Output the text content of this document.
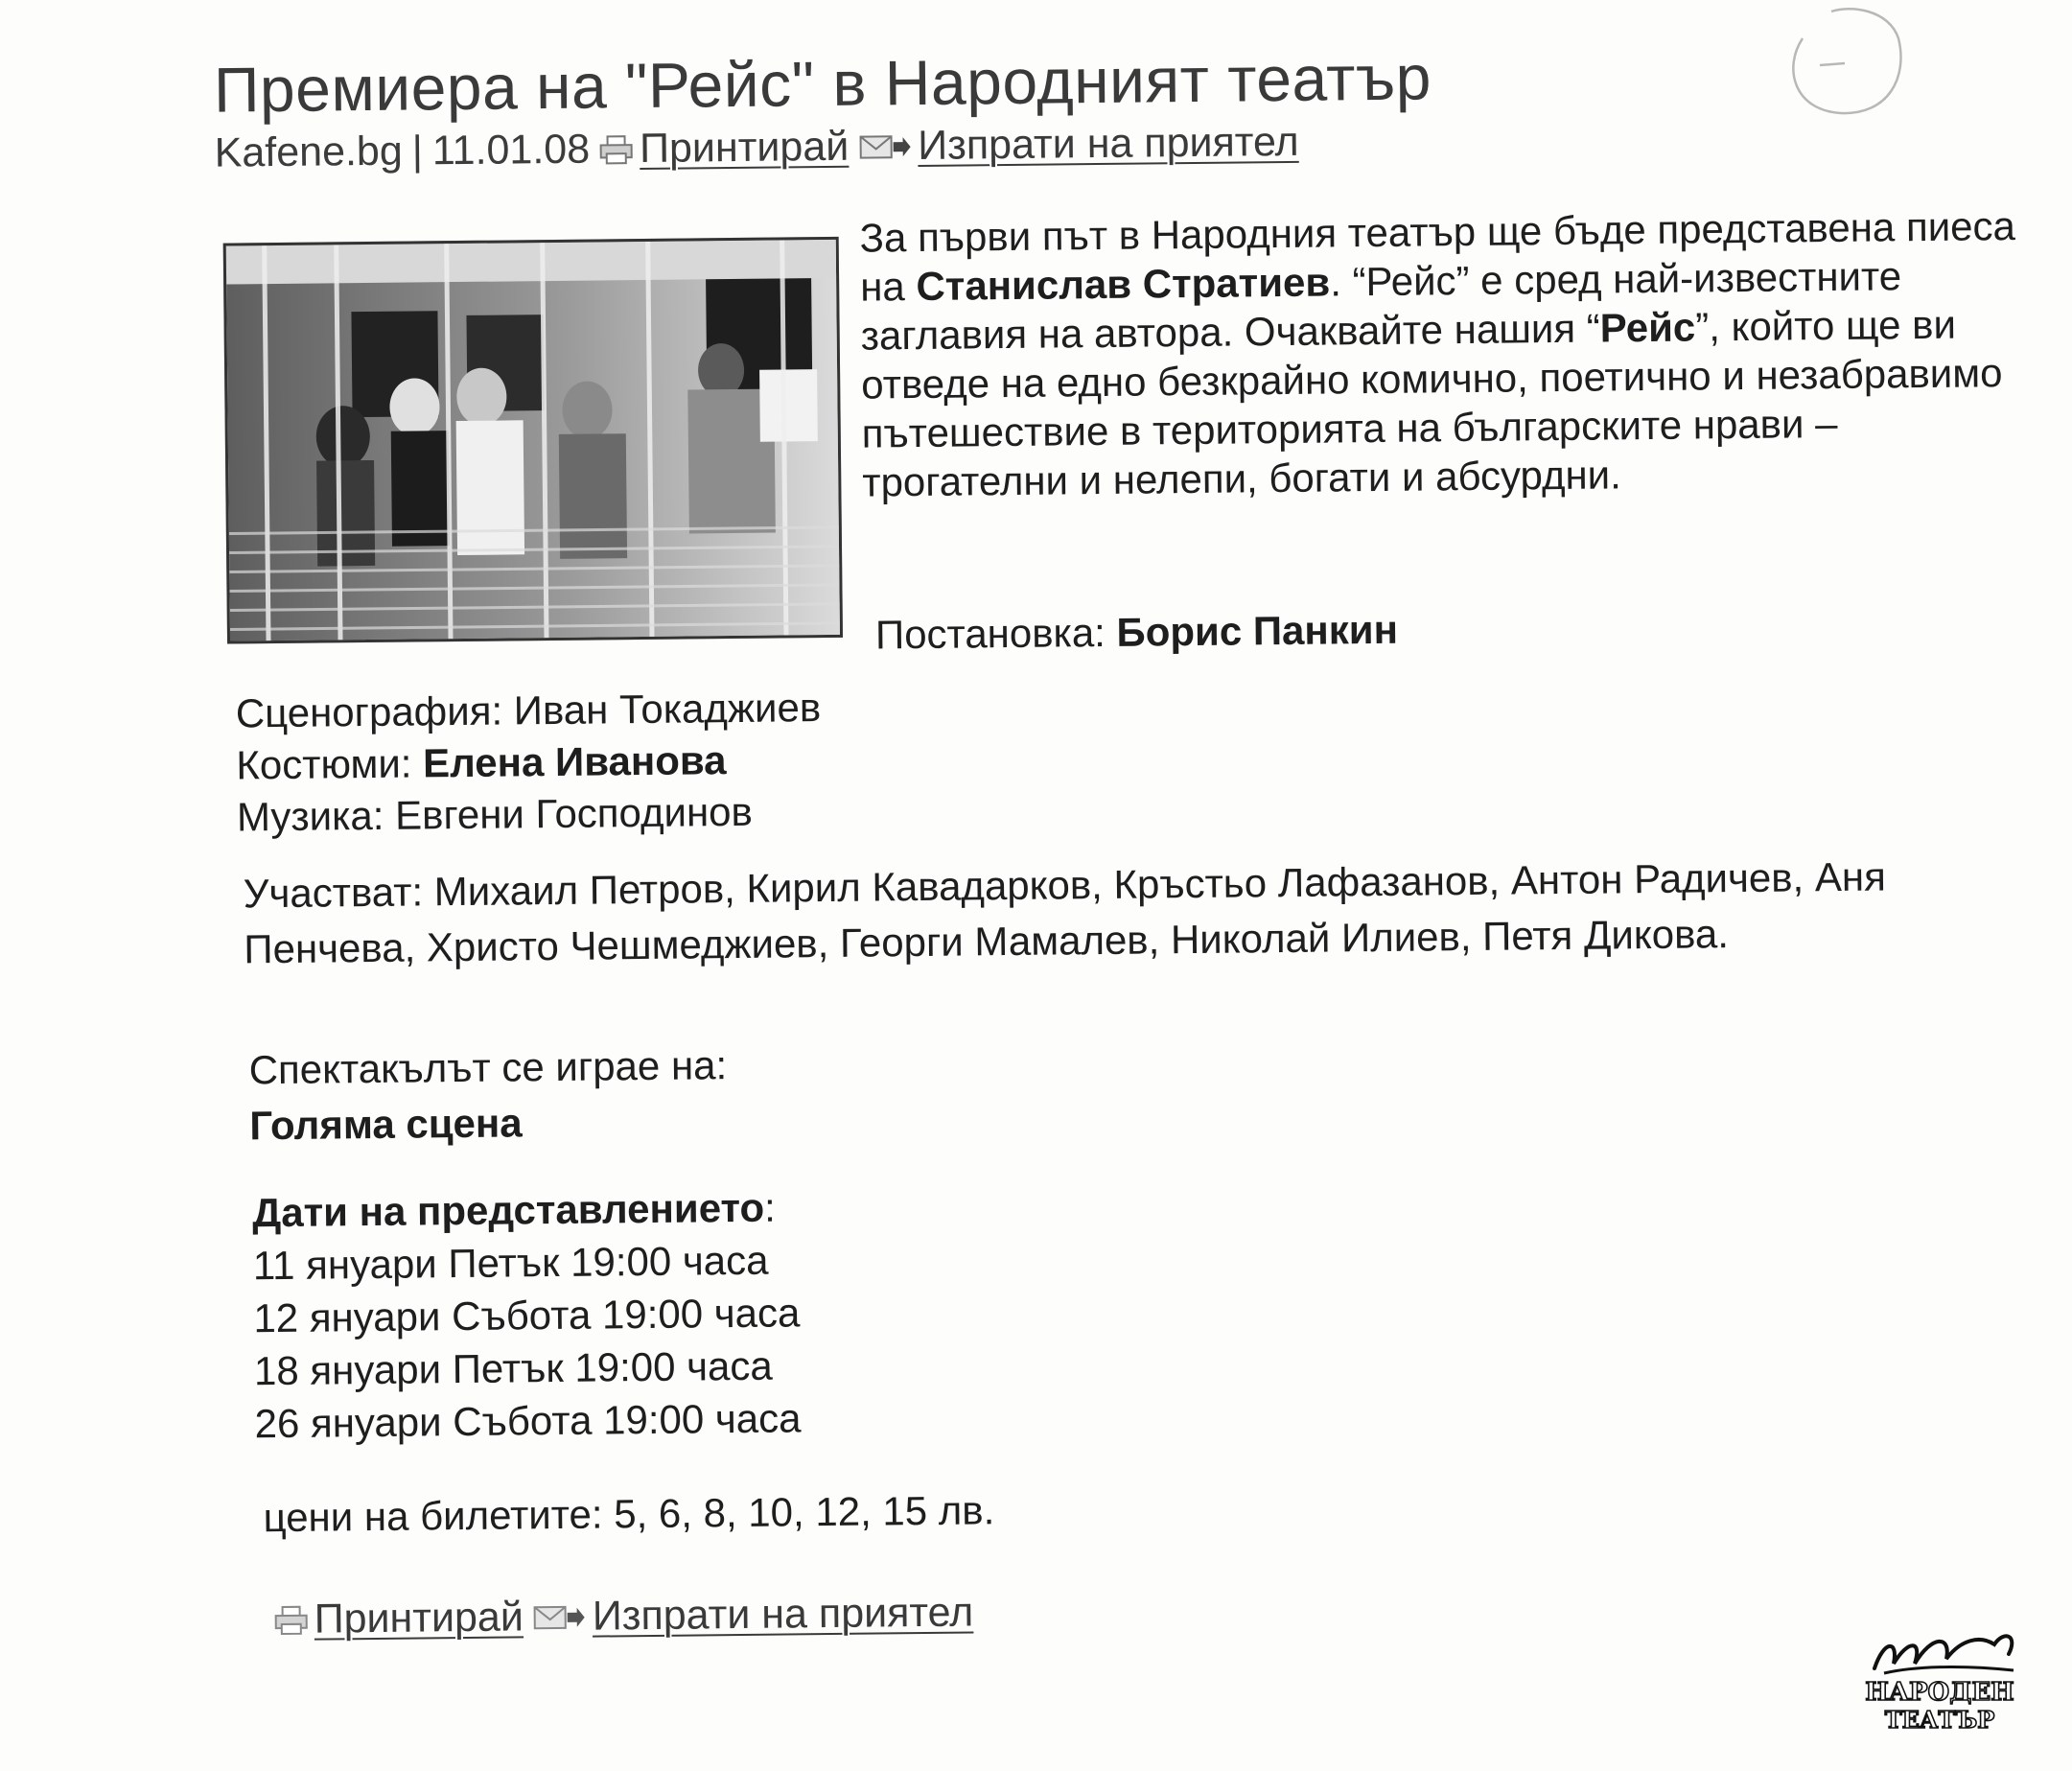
Премиера на "Рейс" в Народният театър
Kafene.bg | 11.01.08 Принтирай Изпрати на приятел
За първи път в Народния театър ще бъде представена пиеса на Станислав Стратиев. “Рейс” е сред най-известните заглавия на автора. Очаквайте нашия “Рейс”, който ще ви отведе на едно безкрайно комично, поетично и незабравимо пътешествие в територията на българските нрави – трогателни и нелепи, богати и абсурдни.
Постановка: Борис Панкин
Сценография: Иван Токаджиев
Костюми: Елена Иванова
Музика: Евгени Господинов
Участват: Михаил Петров, Кирил Кавадарков, Кръстьо Лафазанов, Антон Радичев, Аня Пенчева, Христо Чешмеджиев, Георги Мамалев, Николай Илиев, Петя Дикова.
Спектакълът се играе на:
Голяма сцена
Дати на представлението:
11 януари Петък 19:00 часа
12 януари Събота 19:00 часа
18 януари Петък 19:00 часа
26 януари Събота 19:00 часа
цени на билетите: 5, 6, 8, 10, 12, 15 лв.
Принтирай Изпрати на приятел
НАРОДЕН
ТЕАТЪР
